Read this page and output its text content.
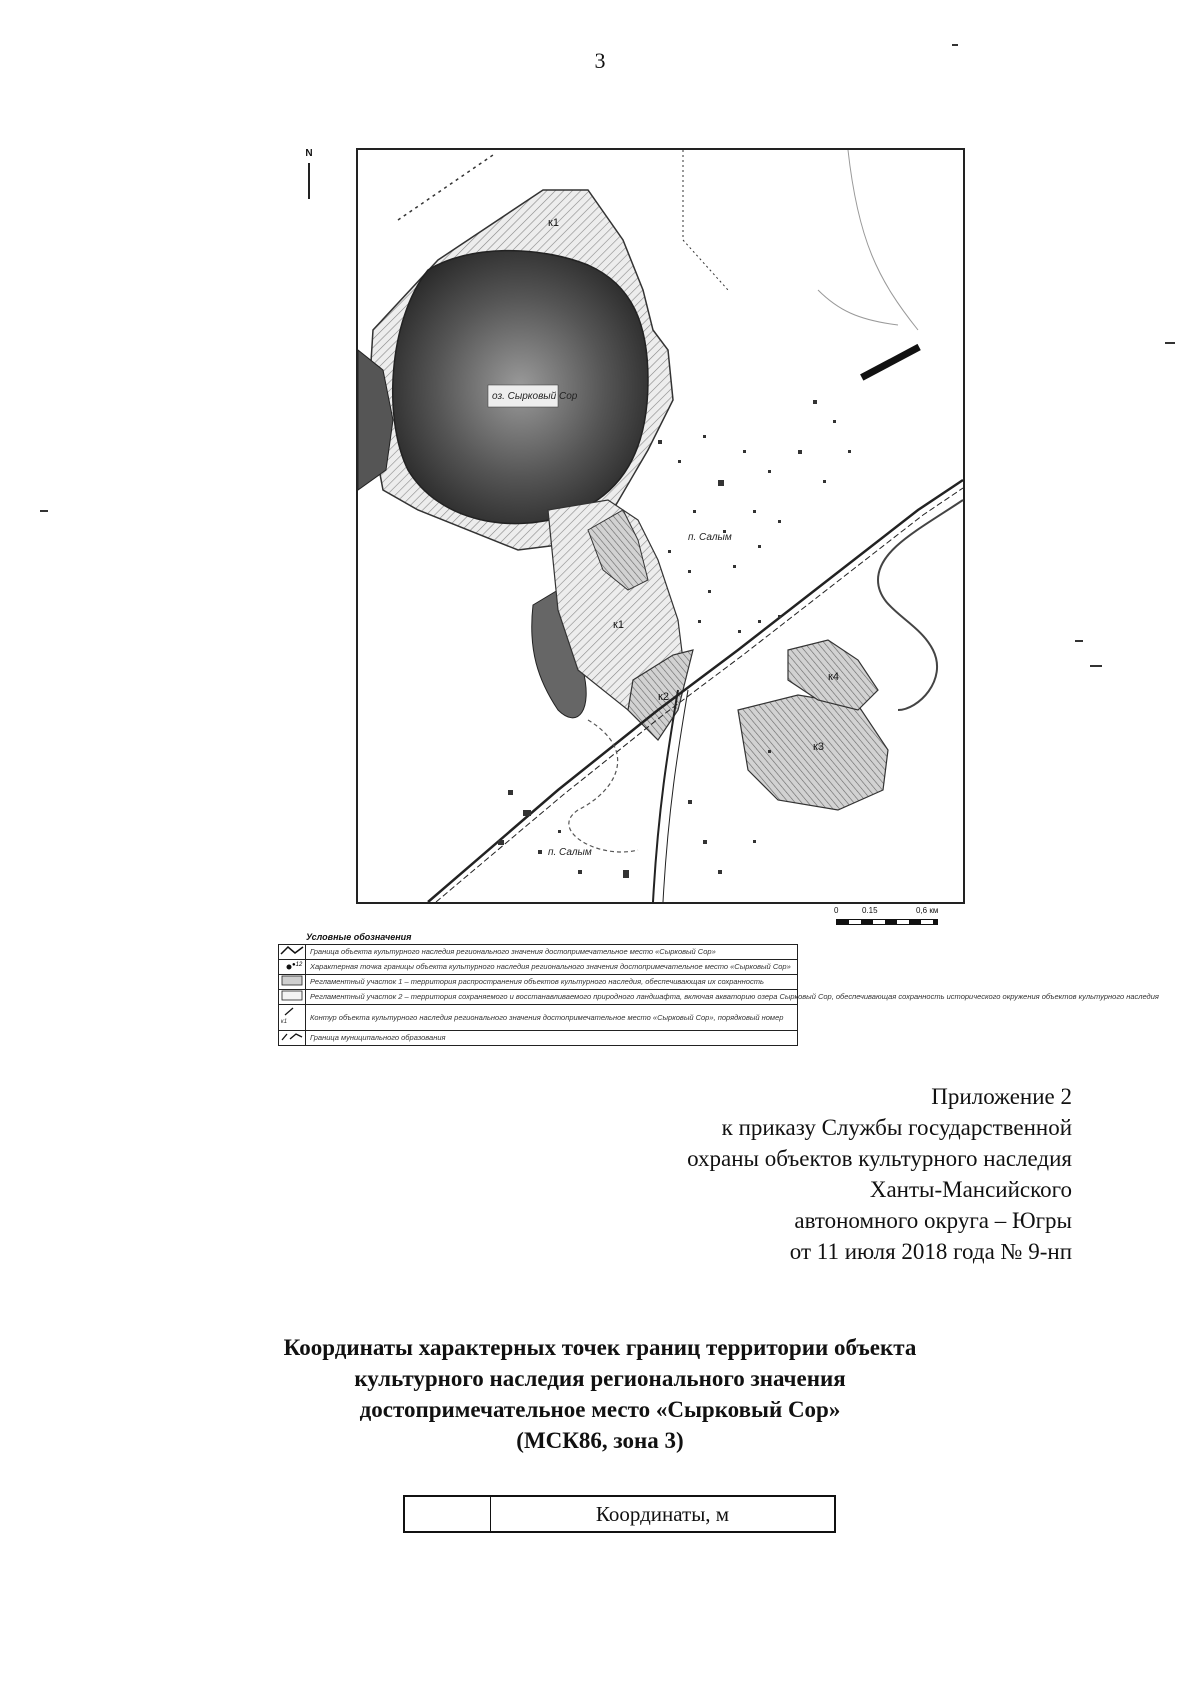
3
N
оз. Сырковый Сор
к1
к1
к2
к3
к4
п. Салым
п. Салым
0	0.15	0,6 км
Условные обозначения
	Граница объекта культурного наследия регионального значения достопримечательное место «Сырковый Сор»

●12	Характерная точка границы объекта культурного наследия регионального значения достопримечательное место «Сырковый Сор»
	Регламентный участок 1 – территория распространения объектов культурного наследия, обеспечивающая их сохранность
	Регламентный участок 2 – территория сохраняемого и восстанавливаемого природного ландшафта, включая акваторию озера Сырковый Сор, обеспечивающая сохранность исторического окружения объектов культурного наследия
$^{к1}$	Контур объекта культурного наследия регионального значения достопримечательное место «Сырковый Сор», порядковый номер
	Граница муниципального образования
Приложение 2
к приказу Службы государственной
охраны объектов культурного наследия
Ханты-Мансийского
автономного округа – Югры
от 11 июля 2018 года № 9-нп
Координаты характерных точек границ территории объекта
культурного наследия регионального значения
достопримечательное место «Сырковый Сор»
(МСК86, зона 3)
	Координаты, м
